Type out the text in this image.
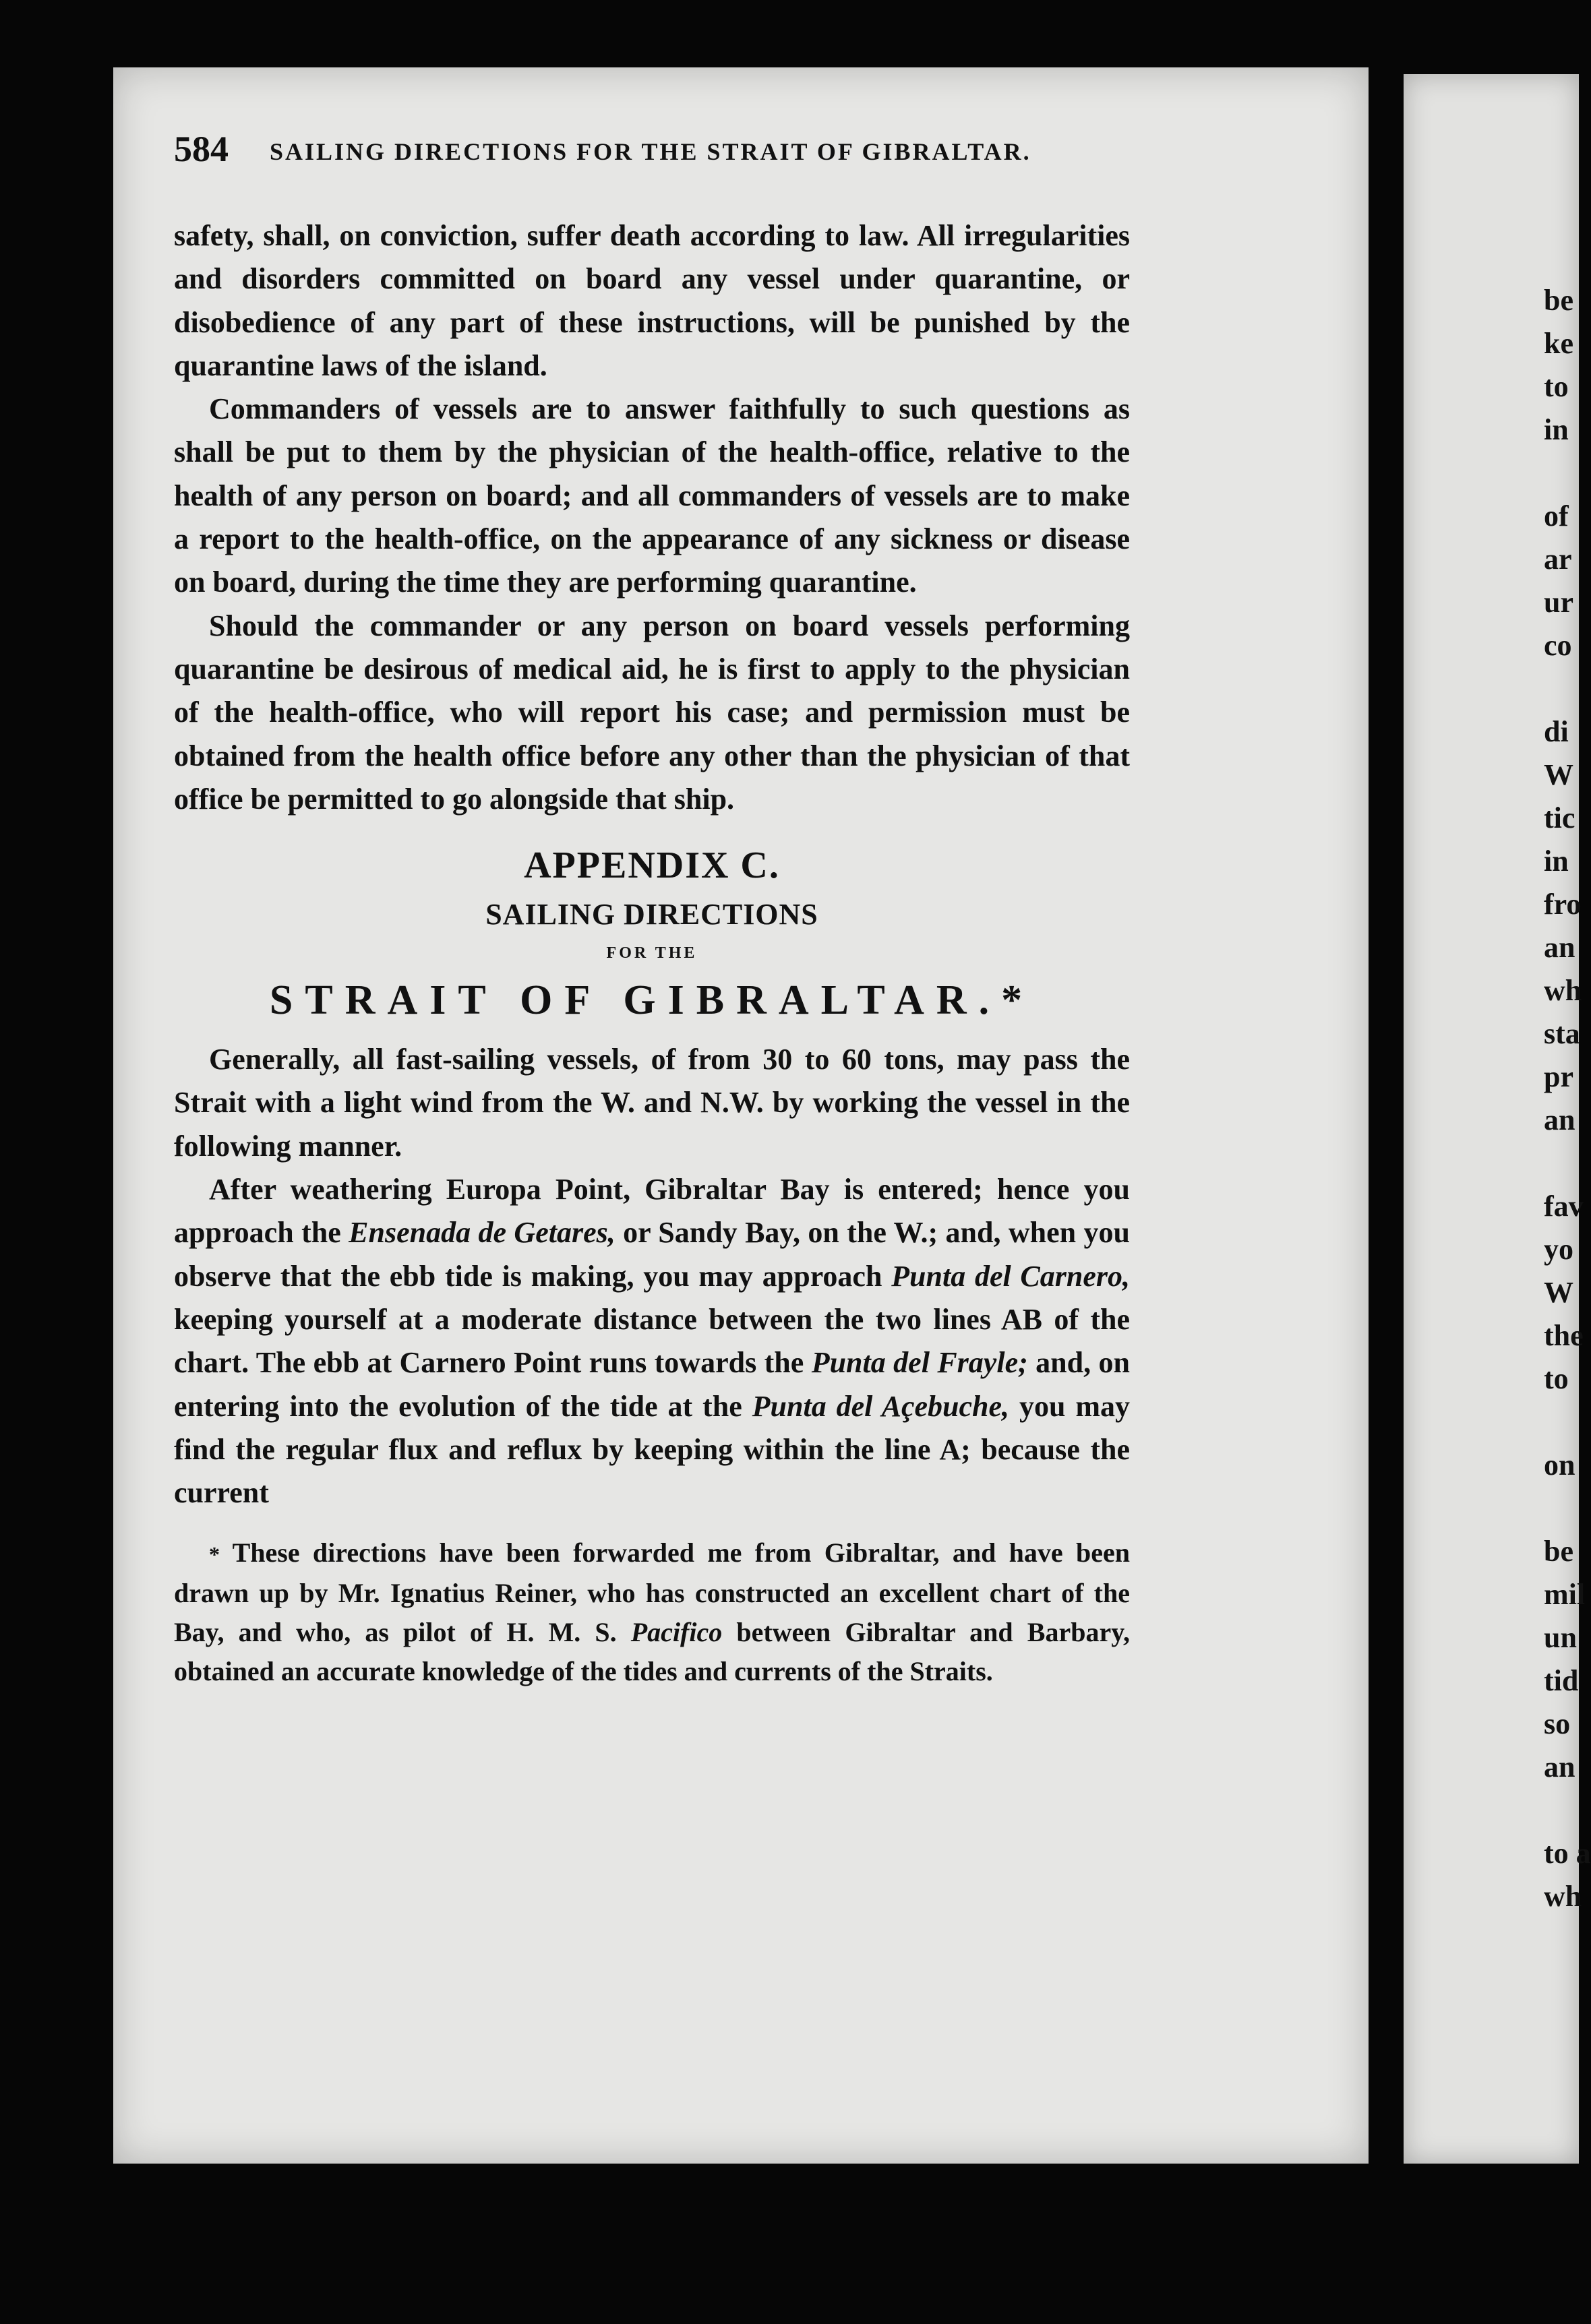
584 SAILING DIRECTIONS FOR THE STRAIT OF GIBRALTAR.

safety, shall, on conviction, suffer death according to law. All irregularities and disorders committed on board any vessel under quarantine, or disobedience of any part of these instructions, will be punished by the quarantine laws of the island.

Commanders of vessels are to answer faithfully to such questions as shall be put to them by the physician of the health-office, relative to the health of any person on board; and all commanders of vessels are to make a report to the health-office, on the appearance of any sickness or disease on board, during the time they are performing quarantine.

Should the commander or any person on board vessels performing quarantine be desirous of medical aid, he is first to apply to the physician of the health-office, who will report his case; and permission must be obtained from the health office before any other than the physician of that office be permitted to go alongside that ship.

APPENDIX C.
SAILING DIRECTIONS
FOR THE
STRAIT OF GIBRALTAR.*

Generally, all fast-sailing vessels, of from 30 to 60 tons, may pass the Strait with a light wind from the W. and N.W. by working the vessel in the following manner.

After weathering Europa Point, Gibraltar Bay is entered; hence you approach the Ensenada de Getares, or Sandy Bay, on the W.; and, when you observe that the ebb tide is making, you may approach Punta del Carnero, keeping yourself at a moderate distance between the two lines AB of the chart. The ebb at Carnero Point runs towards the Punta del Frayle; and, on entering into the evolution of the tide at the Punta del Açebuche, you may find the regular flux and reflux by keeping within the line A; because the current

* These directions have been forwarded me from Gibraltar, and have been drawn up by Mr. Ignatius Reiner, who has constructed an excellent chart of the Bay, and who, as pilot of H. M. S. Pacifico between Gibraltar and Barbary, obtained an accurate knowledge of the tides and currents of the Straits.

be
ke
to
in
of
ar
ur
co
di
W
tic
in
fro
an
wh
sta
pr
an
fav
yo
W
the
to
on
be
mil
un
tid
so
an
to a
wh
